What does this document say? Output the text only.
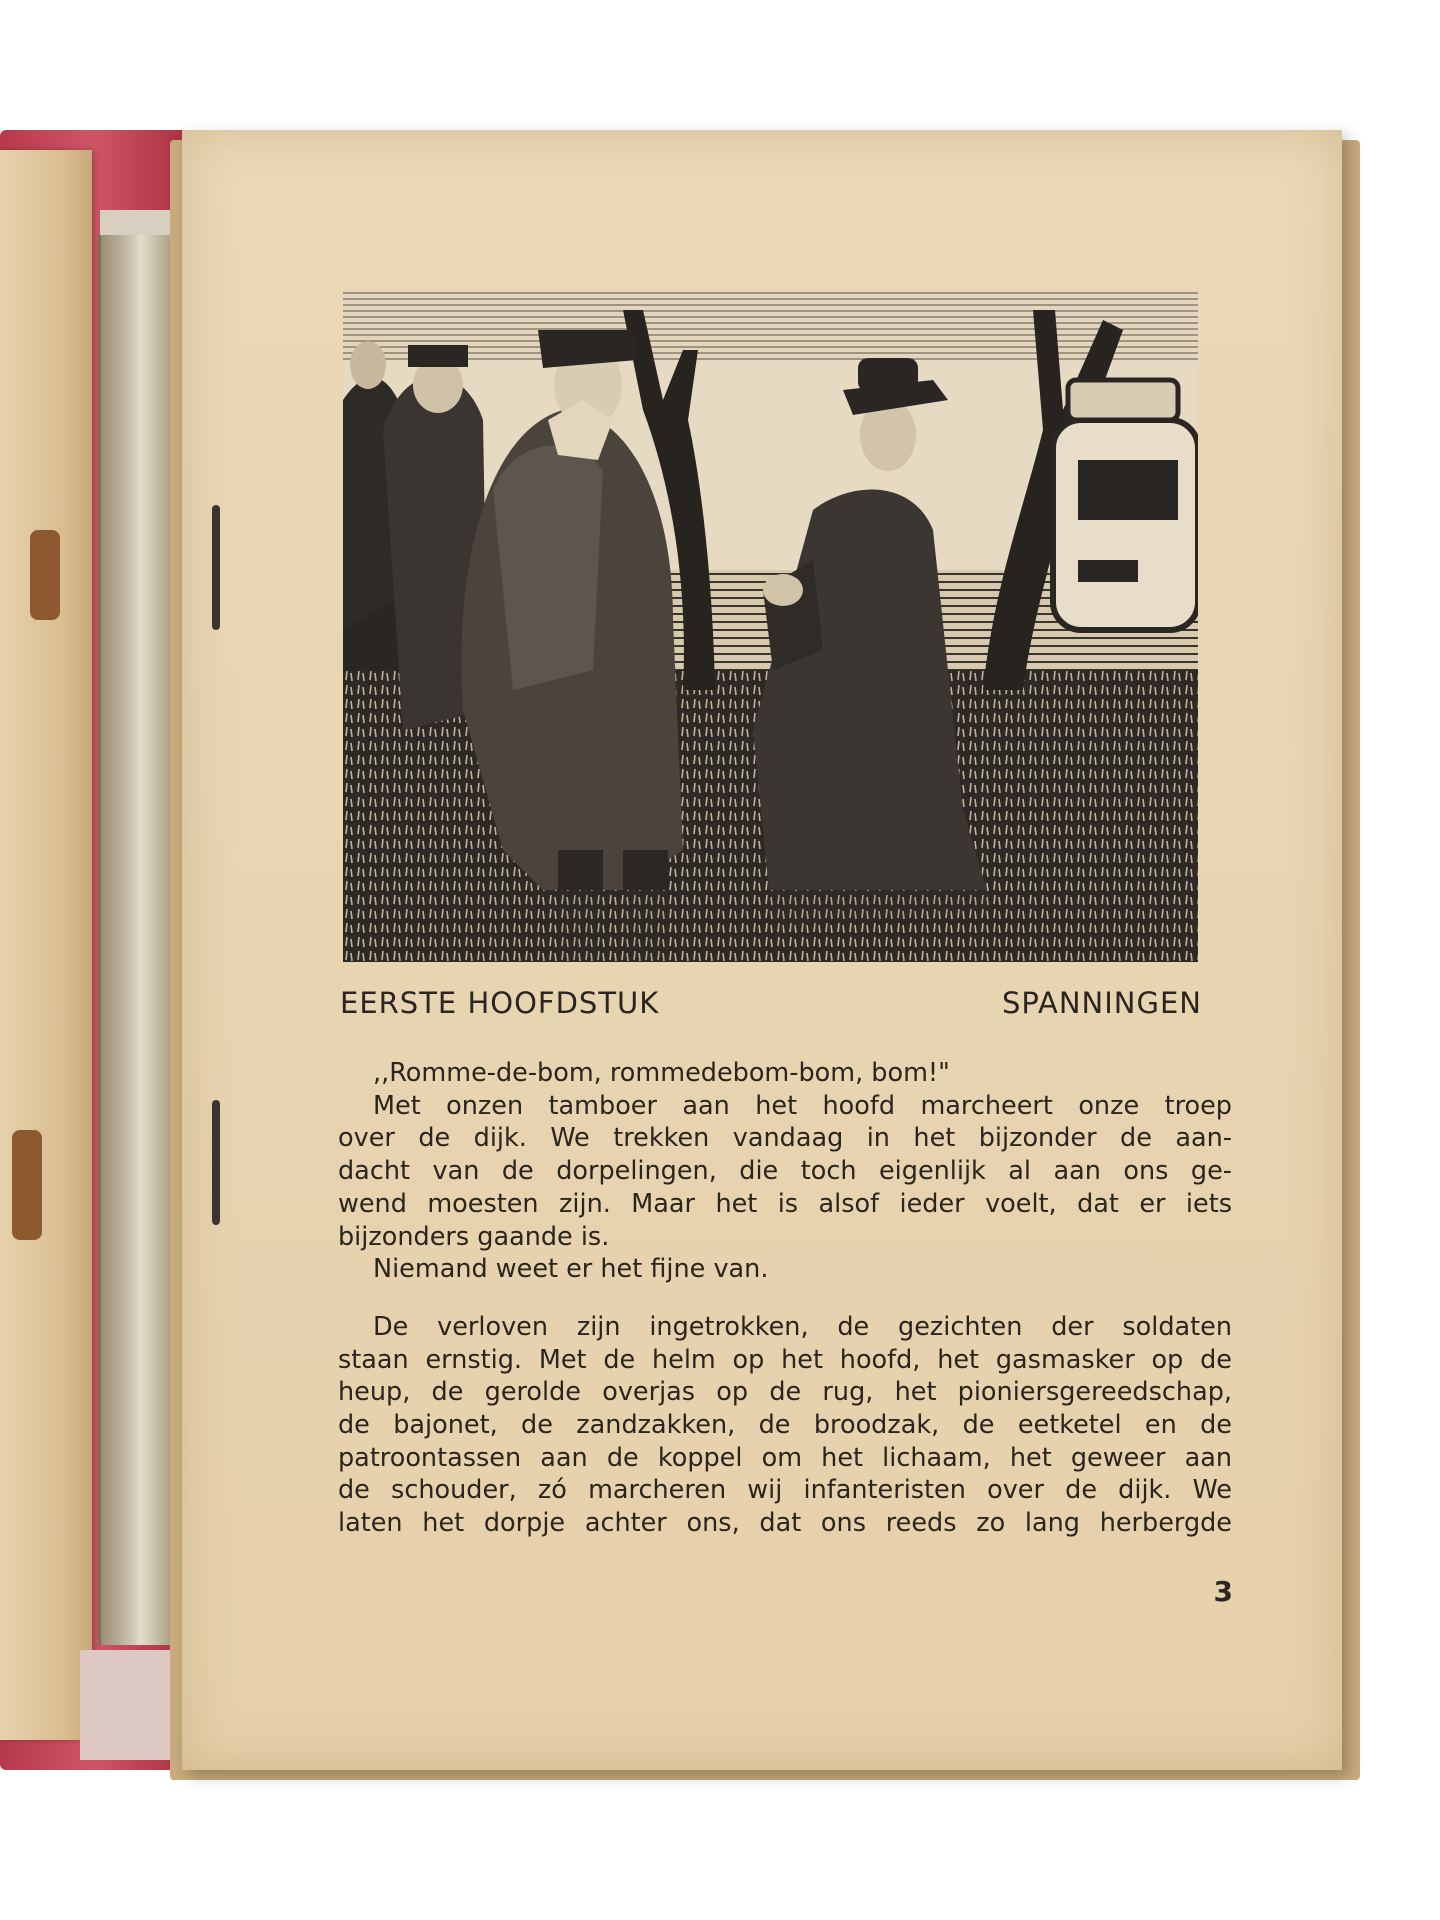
EERSTE HOOFDSTUK	SPANNINGEN
,,Romme-de-bom, rommedebom-bom, bom!"
Met onzen tamboer aan het hoofd marcheert onze troep
over de dijk. We trekken vandaag in het bijzonder de aan-
dacht van de dorpelingen, die toch eigenlijk al aan ons ge-
wend moesten zijn. Maar het is alsof ieder voelt, dat er iets
bijzonders gaande is.
Niemand weet er het fijne van.
De verloven zijn ingetrokken, de gezichten der soldaten
staan ernstig. Met de helm op het hoofd, het gasmasker op de
heup, de gerolde overjas op de rug, het pioniersgereedschap,
de bajonet, de zandzakken, de broodzak, de eetketel en de
patroontassen aan de koppel om het lichaam, het geweer aan
de schouder, zó marcheren wij infanteristen over de dijk. We
laten het dorpje achter ons, dat ons reeds zo lang herbergde
3
